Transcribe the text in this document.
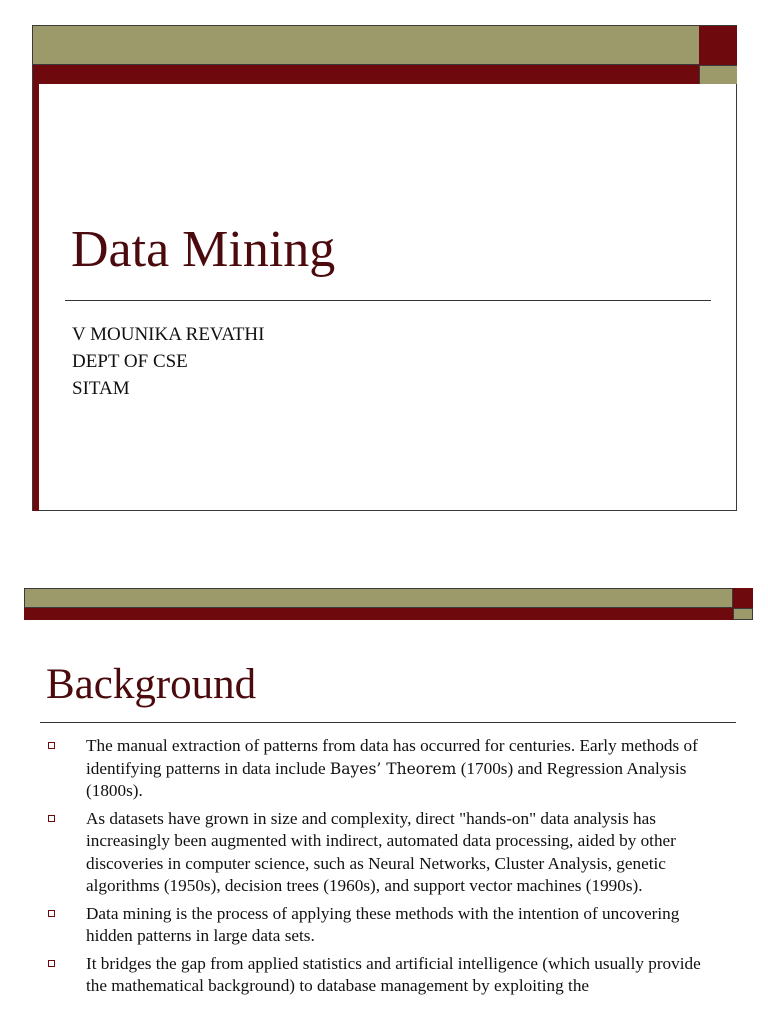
Data Mining
V MOUNIKA REVATHI
DEPT OF CSE
SITAM
Background
The manual extraction of patterns from data has occurred for centuries. Early methods of identifying patterns in data include Bayes’ Theorem (1700s) and Regression Analysis (1800s).
As datasets have grown in size and complexity, direct "hands-on" data analysis has increasingly been augmented with indirect, automated data processing, aided by other discoveries in computer science, such as Neural Networks, Cluster Analysis, genetic algorithms (1950s), decision trees (1960s), and support vector machines (1990s).
Data mining is the process of applying these methods with the intention of uncovering hidden patterns in large data sets.
It bridges the gap from applied statistics and artificial intelligence (which usually provide the mathematical background) to database management by exploiting the
